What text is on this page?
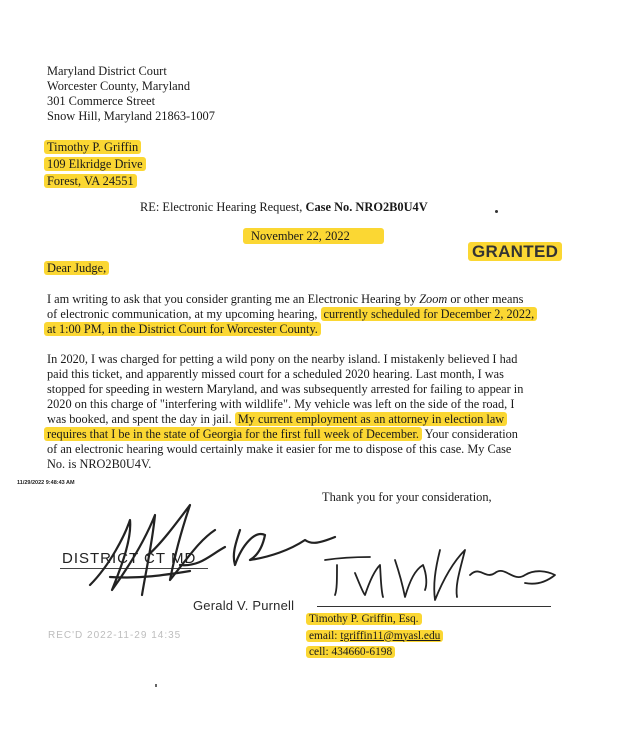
Maryland District Court
Worcester County, Maryland
301 Commerce Street
Snow Hill, Maryland 21863-1007
Timothy P. Griffin
109 Elkridge Drive
Forest, VA 24551
RE: Electronic Hearing Request, Case No. NRO2B0U4V
November 22, 2022
GRANTED
Dear Judge,
I am writing to ask that you consider granting me an Electronic Hearing by Zoom or other means
of electronic communication, at my upcoming hearing, currently scheduled for December 2, 2022,
at 1:00 PM, in the District Court for Worcester County.
In 2020, I was charged for petting a wild pony on the nearby island. I mistakenly believed I had
paid this ticket, and apparently missed court for a scheduled 2020 hearing. Last month, I was
stopped for speeding in western Maryland, and was subsequently arrested for failing to appear in
2020 on this charge of "interfering with wildlife". My vehicle was left on the side of the road, I
was booked, and spent the day in jail. My current employment as an attorney in election law
requires that I be in the state of Georgia for the first full week of December. Your consideration
of an electronic hearing would certainly make it easier for me to dispose of this case. My Case
No. is NRO2B0U4V.
11/29/2022 9:48:43 AM
Thank you for your consideration,
DISTRICT CT MD
Gerald V. Purnell
REC'D 2022-11-29 14:35
Timothy P. Griffin, Esq.
email: tgriffin11@myasl.edu
cell: 434660-6198
